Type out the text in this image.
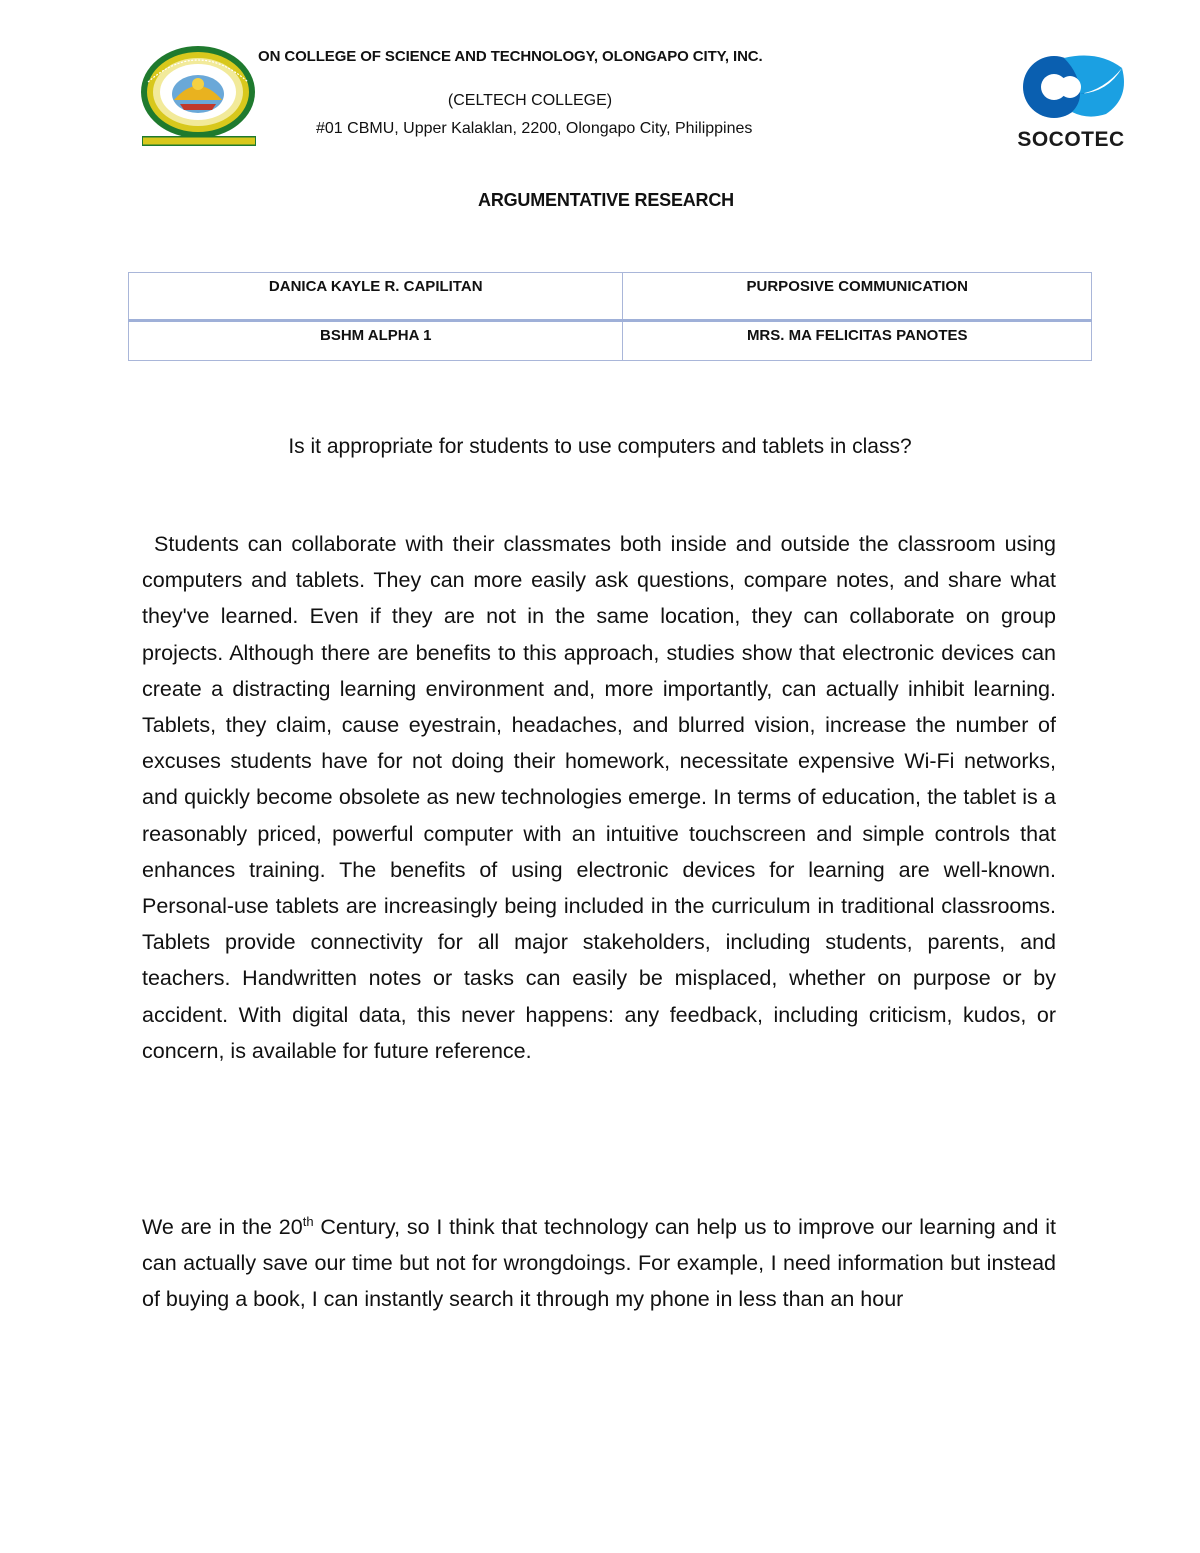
ON COLLEGE OF SCIENCE AND TECHNOLOGY, OLONGAPO CITY, INC.
(CELTECH COLLEGE)
#01 CBMU, Upper Kalaklan, 2200, Olongapo City, Philippines	SOCOTEC
ARGUMENTATIVE RESEARCH
DANICA KAYLE R. CAPILITAN	PURPOSIVE COMMUNICATION
BSHM ALPHA 1	MRS. MA FELICITAS PANOTES
Is it appropriate for students to use computers and tablets in class?

Students can collaborate with their classmates both inside and outside the classroom using computers and tablets. They can more easily ask questions, compare notes, and share what they've learned. Even if they are not in the same location, they can collaborate on group projects. Although there are benefits to this approach, studies show that electronic devices can create a distracting learning environment and, more importantly, can actually inhibit learning. Tablets, they claim, cause eyestrain, headaches, and blurred vision, increase the number of excuses students have for not doing their homework, necessitate expensive Wi-Fi networks, and quickly become obsolete as new technologies emerge. In terms of education, the tablet is a reasonably priced, powerful computer with an intuitive touchscreen and simple controls that enhances training. The benefits of using electronic devices for learning are well-known. Personal-use tablets are increasingly being included in the curriculum in traditional classrooms. Tablets provide connectivity for all major stakeholders, including students, parents, and teachers. Handwritten notes or tasks can easily be misplaced, whether on purpose or by accident. With digital data, this never happens: any feedback, including criticism, kudos, or concern, is available for future reference.

We are in the 20th Century, so I think that technology can help us to improve our learning and it can actually save our time but not for wrongdoings. For example, I need information but instead of buying a book, I can instantly search it through my phone in less than an hour
